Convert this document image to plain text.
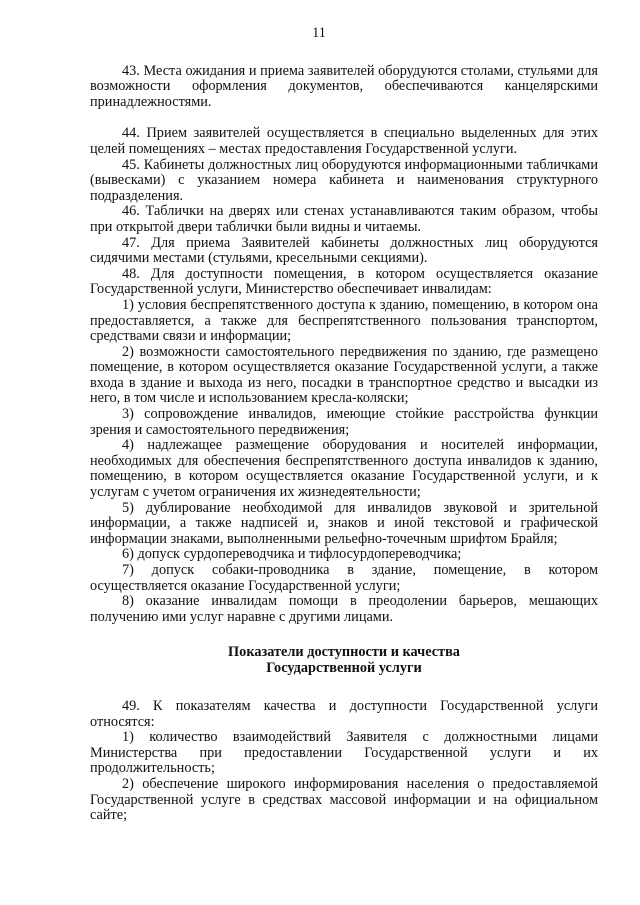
11

43. Места ожидания и приема заявителей оборудуются столами, стульями для возможности оформления документов, обеспечиваются канцелярскими принадлежностями.

44. Прием заявителей осуществляется в специально выделенных для этих целей помещениях – местах предоставления Государственной услуги.

45. Кабинеты должностных лиц оборудуются информационными табличками (вывесками) с указанием номера кабинета и наименования структурного подразделения.

46. Таблички на дверях или стенах устанавливаются таким образом, чтобы при открытой двери таблички были видны и читаемы.

47. Для приема Заявителей кабинеты должностных лиц оборудуются сидячими местами (стульями, кресельными секциями).

48. Для доступности помещения, в котором осуществляется оказание Государственной услуги, Министерство обеспечивает инвалидам:

1) условия беспрепятственного доступа к зданию, помещению, в котором она предоставляется, а также для беспрепятственного пользования транспортом, средствами связи и информации;

2) возможности самостоятельного передвижения по зданию, где размещено помещение, в котором осуществляется оказание Государственной услуги, а также входа в здание и выхода из него, посадки в транспортное средство и высадки из него, в том числе и использованием кресла-коляски;

3) сопровождение инвалидов, имеющие стойкие расстройства функции зрения и самостоятельного передвижения;

4) надлежащее размещение оборудования и носителей информации, необходимых для обеспечения беспрепятственного доступа инвалидов к зданию, помещению, в котором осуществляется оказание Государственной услуги, и к услугам с учетом ограничения их жизнедеятельности;

5) дублирование необходимой для инвалидов звуковой и зрительной информации, а также надписей и, знаков и иной текстовой и графической информации знаками, выполненными рельефно-точечным шрифтом Брайля;

6) допуск сурдопереводчика и тифлосурдопереводчика;

7) допуск собаки-проводника в здание, помещение, в котором осуществляется оказание Государственной услуги;

8) оказание инвалидам помощи в преодолении барьеров, мешающих получению ими услуг наравне с другими лицами.

Показатели доступности и качества
Государственной услуги

49. К показателям качества и доступности Государственной услуги относятся:

1) количество взаимодействий Заявителя с должностными лицами Министерства при предоставлении Государственной услуги и их продолжительность;

2) обеспечение широкого информирования населения о предоставляемой Государственной услуге в средствах массовой информации и на официальном сайте;
